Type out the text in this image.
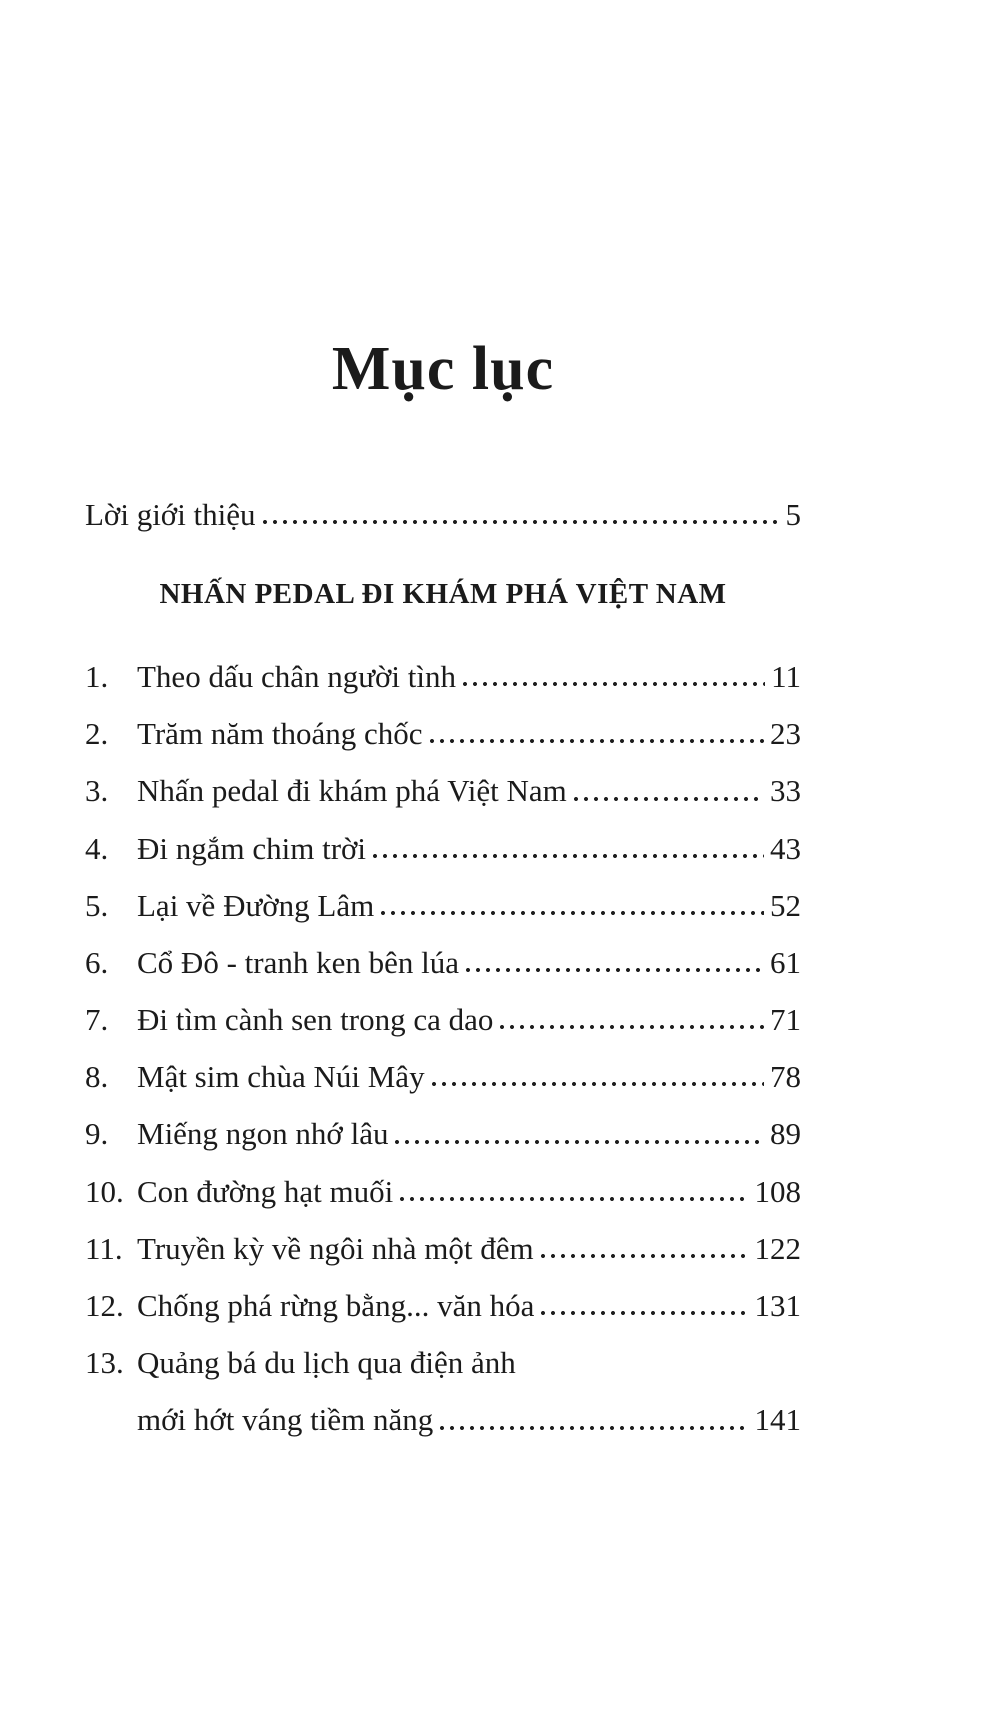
Mục lục
Lời giới thiệu	5
NHẤN PEDAL ĐI KHÁM PHÁ VIỆT NAM
1. Theo dấu chân người tình	11
2. Trăm năm thoáng chốc	23
3. Nhấn pedal đi khám phá Việt Nam	33
4. Đi ngắm chim trời	43
5. Lại về Đường Lâm	52
6. Cổ Đô - tranh ken bên lúa	61
7. Đi tìm cành sen trong ca dao	71
8. Mật sim chùa Núi Mây	78
9. Miếng ngon nhớ lâu	89
10. Con đường hạt muối	108
11. Truyền kỳ về ngôi nhà một đêm	122
12. Chống phá rừng bằng... văn hóa	131
13. Quảng bá du lịch qua điện ảnh
mới hớt váng tiềm năng	141
